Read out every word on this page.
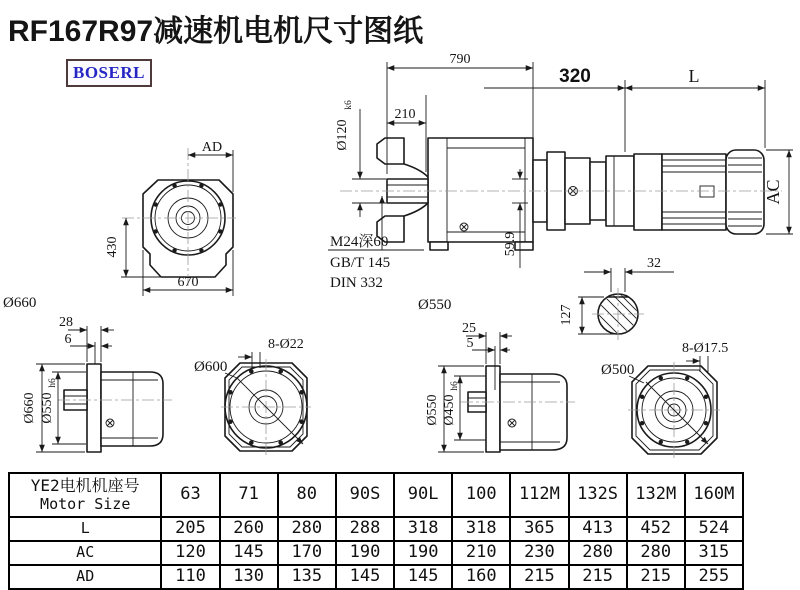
RF167R97减速机电机尺寸图纸
BOSERL
AD
430
670
Ø660
790
210
Ø120
k6
59.9
M24深60
GB/T 145
DIN 332
Ø550
320	L
AC
28
6
Ø660 Ø550
h6
Ø600
8-Ø22
25
5
Ø550 Ø450
h6
32
127
Ø500
8-Ø17.5
YE2电机机座号
Motor Size	63	71	80	90S	90L	100	112M	132S	132M	160M
L	205	260	280	288	318	318	365	413	452	524
AC	120	145	170	190	190	210	230	280	280	315
AD	110	130	135	145	145	160	215	215	215	255
